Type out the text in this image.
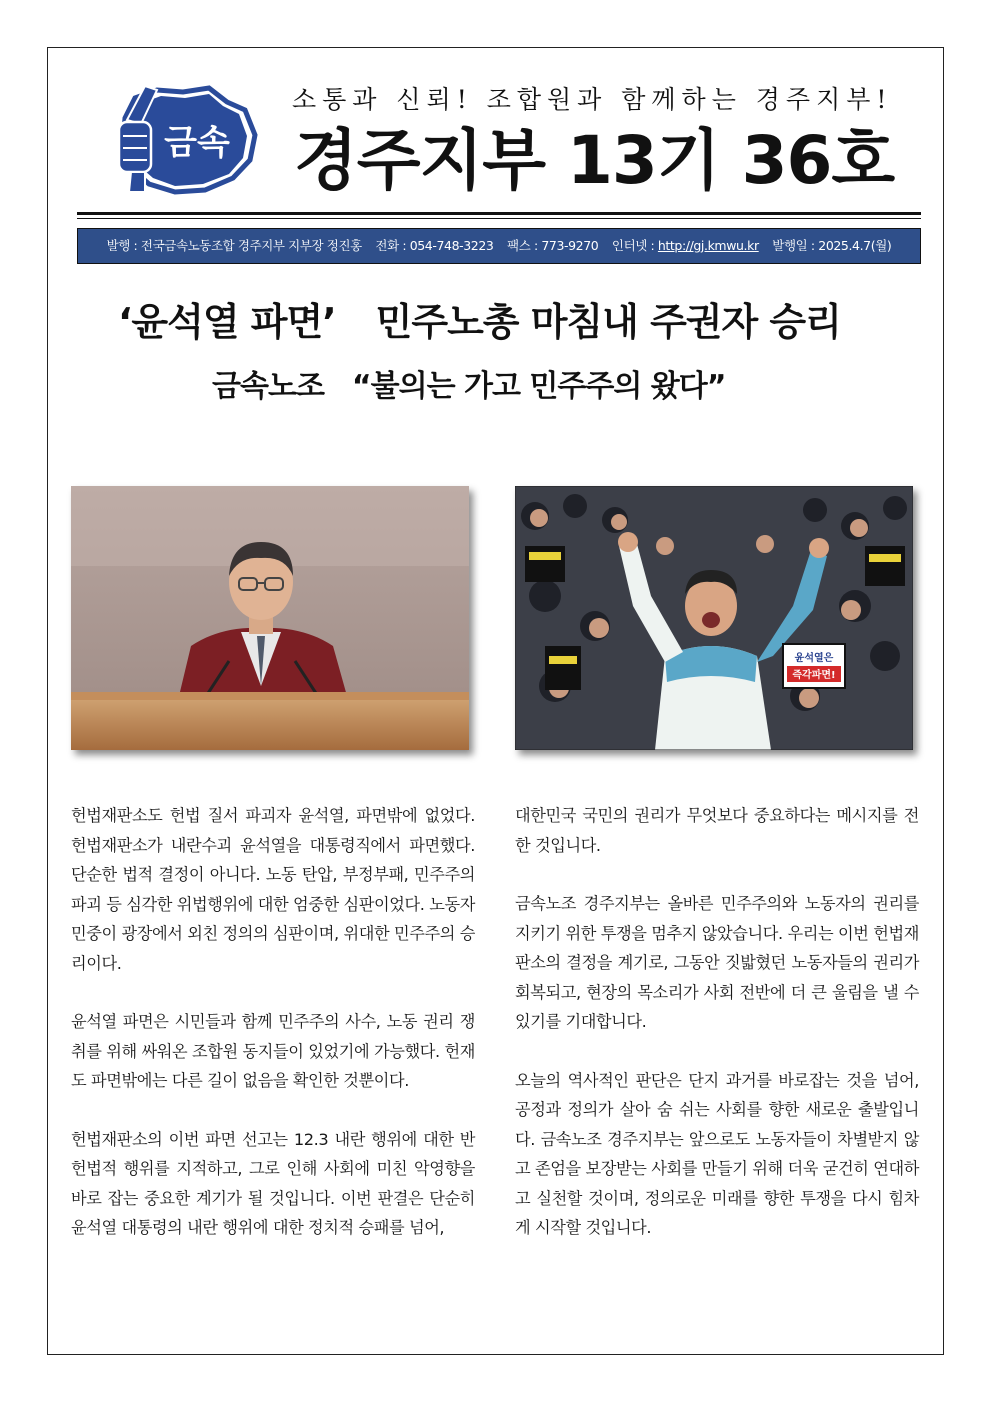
금속
소통과 신뢰! 조합원과 함께하는 경주지부!
경주지부 13기 36호
발행 : 전국금속노동조합 경주지부 지부장 정진홍 전화 : 054-748-3223 팩스 : 773-9270 인터넷 : http://gj.kmwu.kr 발행일 : 2025.4.7(월)
‘윤석열 파면’ 민주노총 마침내 주권자 승리
금속노조 “불의는 가고 민주주의 왔다”
윤석열은
즉각파면!

헌법재판소도 헌법 질서 파괴자 윤석열, 파면밖에 없었다. 헌법재판소가 내란수괴 윤석열을 대통령직에서 파면했다. 단순한 법적 결정이 아니다. 노동 탄압, 부정부패, 민주주의 파괴 등 심각한 위법행위에 대한 엄중한 심판이었다. 노동자 민중이 광장에서 외친 정의의 심판이며, 위대한 민주주의 승리이다.

윤석열 파면은 시민들과 함께 민주주의 사수, 노동 권리 쟁취를 위해 싸워온 조합원 동지들이 있었기에 가능했다. 헌재도 파면밖에는 다른 길이 없음을 확인한 것뿐이다.

헌법재판소의 이번 파면 선고는 12.3 내란 행위에 대한 반헌법적 행위를 지적하고, 그로 인해 사회에 미친 악영향을 바로 잡는 중요한 계기가 될 것입니다. 이번 판결은 단순히 윤석열 대통령의 내란 행위에 대한 정치적 승패를 넘어,

대한민국 국민의 권리가 무엇보다 중요하다는 메시지를 전한 것입니다.

금속노조 경주지부는 올바른 민주주의와 노동자의 권리를 지키기 위한 투쟁을 멈추지 않았습니다. 우리는 이번 헌법재판소의 결정을 계기로, 그동안 짓밟혔던 노동자들의 권리가 회복되고, 현장의 목소리가 사회 전반에 더 큰 울림을 낼 수 있기를 기대합니다.

오늘의 역사적인 판단은 단지 과거를 바로잡는 것을 넘어, 공정과 정의가 살아 숨 쉬는 사회를 향한 새로운 출발입니다. 금속노조 경주지부는 앞으로도 노동자들이 차별받지 않고 존엄을 보장받는 사회를 만들기 위해 더욱 굳건히 연대하고 실천할 것이며, 정의로운 미래를 향한 투쟁을 다시 힘차게 시작할 것입니다.
